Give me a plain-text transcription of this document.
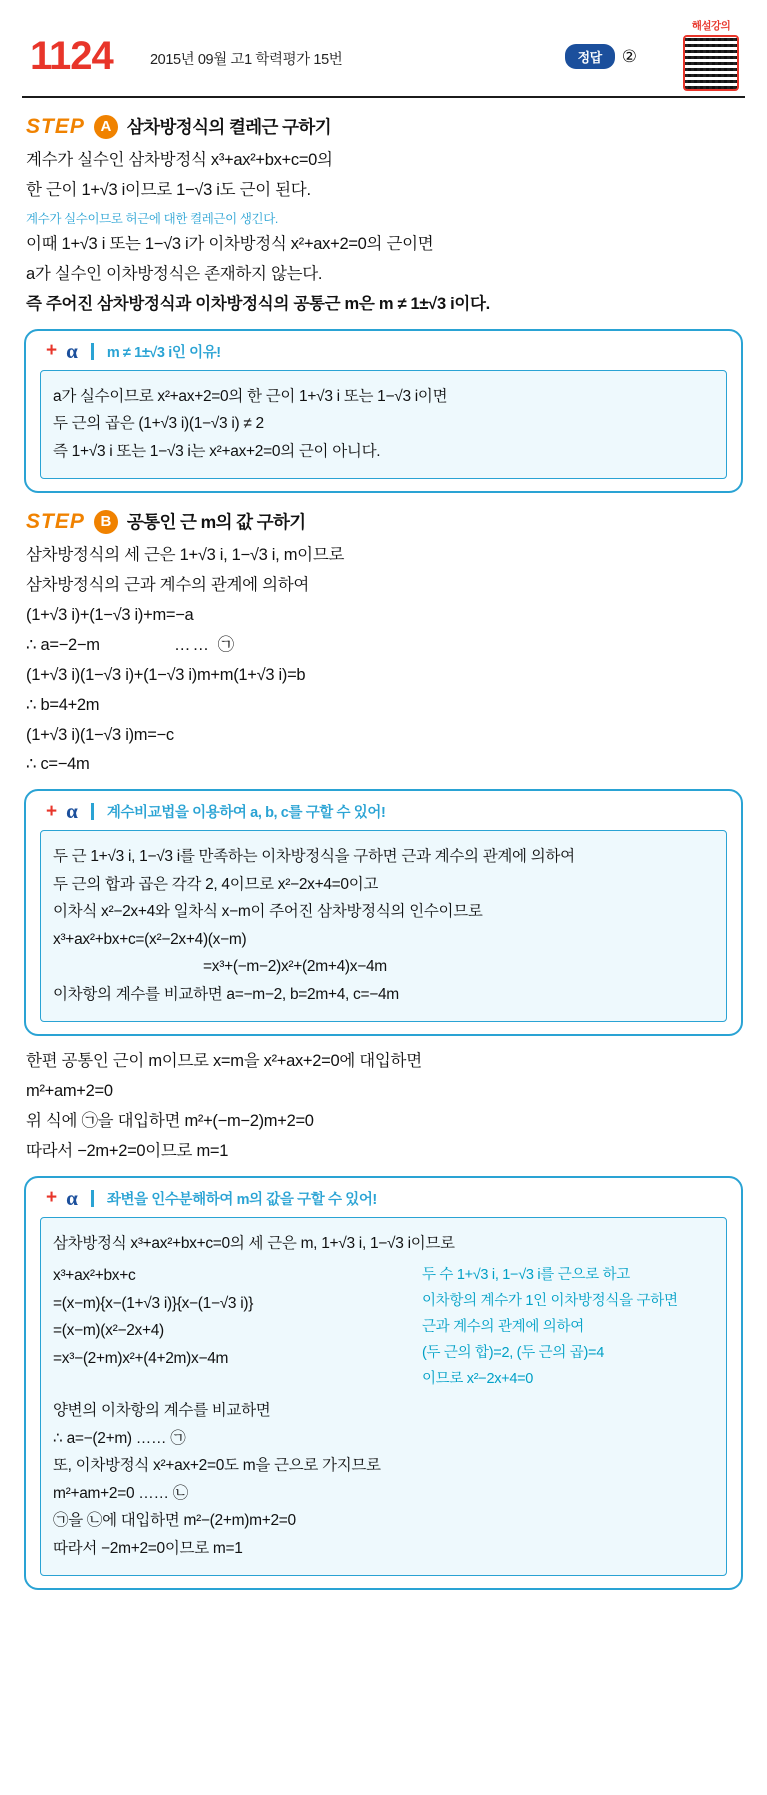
1124	2015년 09월 고1 학력평가 15번	정답	②
해설강의
STEP	A 삼차방정식의 켤레근 구하기
계수가 실수인 삼차방정식 x³+ax²+bx+c=0의
한 근이 1+√3 i이므로 1−√3 i도 근이 된다.
계수가 실수이므로 허근에 대한 켤레근이 생긴다.
이때 1+√3 i 또는 1−√3 i가 이차방정식 x²+ax+2=0의 근이면
a가 실수인 이차방정식은 존재하지 않는다.
즉 주어진 삼차방정식과 이차방정식의 공통근 m은 m ≠ 1±√3 i이다.
+ α m ≠ 1±√3 i인 이유!
a가 실수이므로 x²+ax+2=0의 한 근이 1+√3 i 또는 1−√3 i이면
두 근의 곱은 (1+√3 i)(1−√3 i) ≠ 2
즉 1+√3 i 또는 1−√3 i는 x²+ax+2=0의 근이 아니다.
STEP	B 공통인 근 m의 값 구하기
삼차방정식의 세 근은 1+√3 i, 1−√3 i, m이므로
삼차방정식의 근과 계수의 관계에 의하여
(1+√3 i)+(1−√3 i)+m=−a
∴ a=−2−m	…… ㉠
(1+√3 i)(1−√3 i)+(1−√3 i)m+m(1+√3 i)=b
∴ b=4+2m
(1+√3 i)(1−√3 i)m=−c
∴ c=−4m
+ α 계수비교법을 이용하여 a, b, c를 구할 수 있어!
두 근 1+√3 i, 1−√3 i를 만족하는 이차방정식을 구하면 근과 계수의 관계에 의하여
두 근의 합과 곱은 각각 2, 4이므로 x²−2x+4=0이고
이차식 x²−2x+4와 일차식 x−m이 주어진 삼차방정식의 인수이므로
x³+ax²+bx+c=(x²−2x+4)(x−m)
=x³+(−m−2)x²+(2m+4)x−4m
이차항의 계수를 비교하면 a=−m−2, b=2m+4, c=−4m
한편 공통인 근이 m이므로 x=m을 x²+ax+2=0에 대입하면
m²+am+2=0
위 식에 ㉠을 대입하면 m²+(−m−2)m+2=0
따라서 −2m+2=0이므로 m=1
+ α 좌변을 인수분해하여 m의 값을 구할 수 있어!
삼차방정식 x³+ax²+bx+c=0의 세 근은 m, 1+√3 i, 1−√3 i이므로
x³+ax²+bx+c
=(x−m){x−(1+√3 i)}{x−(1−√3 i)}
=(x−m)(x²−2x+4)
=x³−(2+m)x²+(4+2m)x−4m
두 수 1+√3 i, 1−√3 i를 근으로 하고
이차항의 계수가 1인 이차방정식을 구하면
근과 계수의 관계에 의하여
(두 근의 합)=2, (두 근의 곱)=4
이므로 x²−2x+4=0
양변의 이차항의 계수를 비교하면
∴ a=−(2+m) …… ㉠
또, 이차방정식 x²+ax+2=0도 m을 근으로 가지므로
m²+am+2=0 …… ㉡
㉠을 ㉡에 대입하면 m²−(2+m)m+2=0
따라서 −2m+2=0이므로 m=1
